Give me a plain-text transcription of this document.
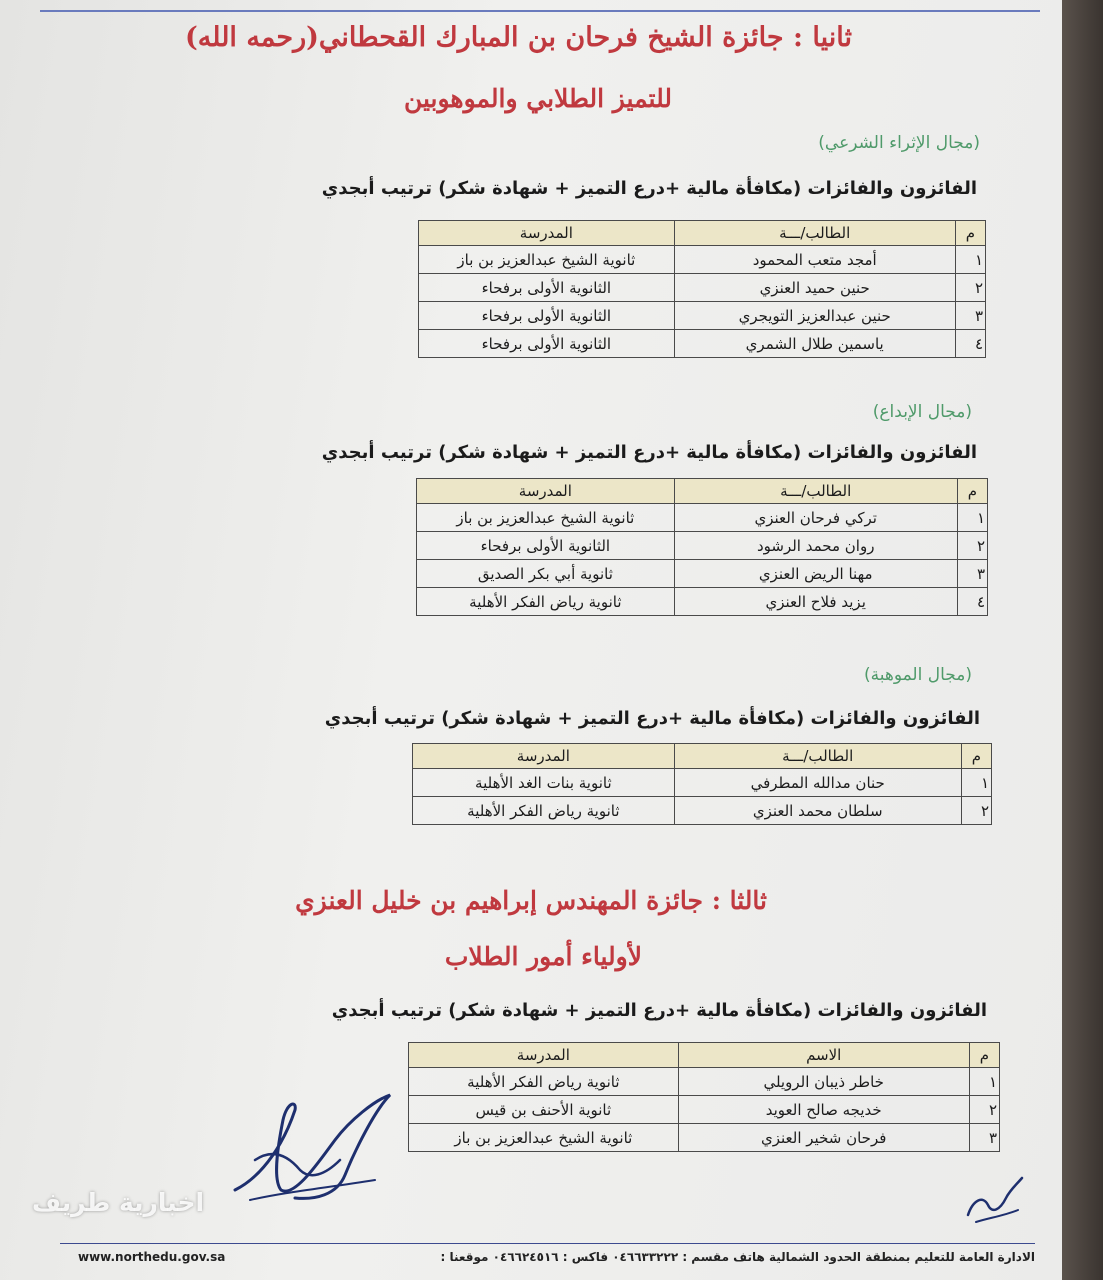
ثانيا : جائزة الشيخ فرحان بن المبارك القحطاني(رحمه الله)
للتميز الطلابي والموهوبين
(مجال الإثراء الشرعي)
الفائزون والفائزات (مكافأة مالية +درع التميز + شهادة شكر) ترتيب أبجدي
م	الطالب/ـــة	المدرسة
١	أمجد متعب المحمود	ثانوية الشيخ عبدالعزيز بن باز
٢	حنين حميد العنزي	الثانوية الأولى برفحاء
٣	حنين عبدالعزيز التويجري	الثانوية الأولى برفحاء
٤	ياسمين طلال الشمري	الثانوية الأولى برفحاء
(مجال الإبداع)
الفائزون والفائزات (مكافأة مالية +درع التميز + شهادة شكر) ترتيب أبجدي
م	الطالب/ـــة	المدرسة
١	تركي فرحان العنزي	ثانوية الشيخ عبدالعزيز بن باز
٢	روان محمد الرشود	الثانوية الأولى برفحاء
٣	مهنا الريض العنزي	ثانوية أبي بكر الصديق
٤	يزيد فلاح العنزي	ثانوية رياض الفكر الأهلية
(مجال الموهبة)
الفائزون والفائزات (مكافأة مالية +درع التميز + شهادة شكر) ترتيب أبجدي
م	الطالب/ـــة	المدرسة
١	حنان مدالله المطرفي	ثانوية بنات الغد الأهلية
٢	سلطان محمد العنزي	ثانوية رياض الفكر الأهلية
ثالثا : جائزة المهندس إبراهيم بن خليل العنزي
لأولياء أمور الطلاب
الفائزون والفائزات (مكافأة مالية +درع التميز + شهادة شكر) ترتيب أبجدي
م	الاسم	المدرسة
١	خاطر ذيبان الرويلي	ثانوية رياض الفكر الأهلية
٢	خديجه صالح العويد	ثانوية الأحنف بن قيس
٣	فرحان شخير العنزي	ثانوية الشيخ عبدالعزيز بن باز
اخبارية طريف
www.northedu.gov.sa	الادارة العامة للتعليم بمنطقة الحدود الشمالية هاتف مقسم : ٠٤٦٦٣٣٢٢٢ فاكس : ٠٤٦٦٢٤٥١٦ موقعنا :
